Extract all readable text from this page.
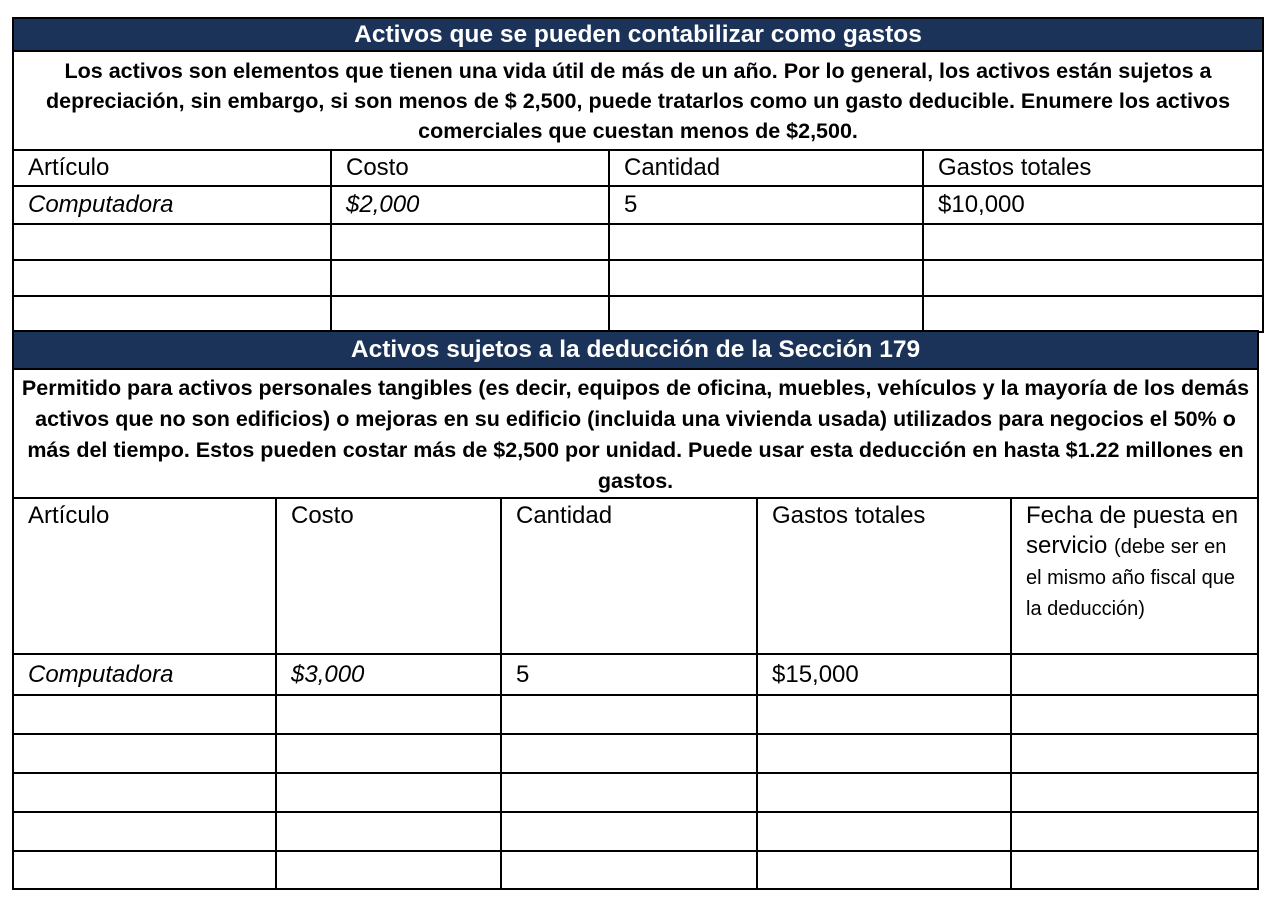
Activos que se pueden contabilizar como gastos			
Los activos son elementos que tienen una vida útil de más de un año. Por lo general, los activos están sujetos a depreciación, sin embargo, si son menos de $ 2,500, puede tratarlos como un gasto deducible. Enumere los activos comerciales que cuestan menos de $2,500.			
Artículo	Costo	Cantidad	Gastos totales
Computadora	$2,000	5	$10,000

Activos sujetos a la deducción de la Sección 179				
Permitido para activos personales tangibles (es decir, equipos de oficina, muebles, vehículos y la mayoría de los demás activos que no son edificios) o mejoras en su edificio (incluida una vivienda usada) utilizados para negocios el 50% o más del tiempo. Estos pueden costar más de $2,500 por unidad. Puede usar esta deducción en hasta $1.22 millones en gastos.				
Artículo	Costo	Cantidad	Gastos totales	Fecha de puesta en servicio (debe ser en el mismo año fiscal que la deducción)
Computadora	$3,000	5	$15,000	
